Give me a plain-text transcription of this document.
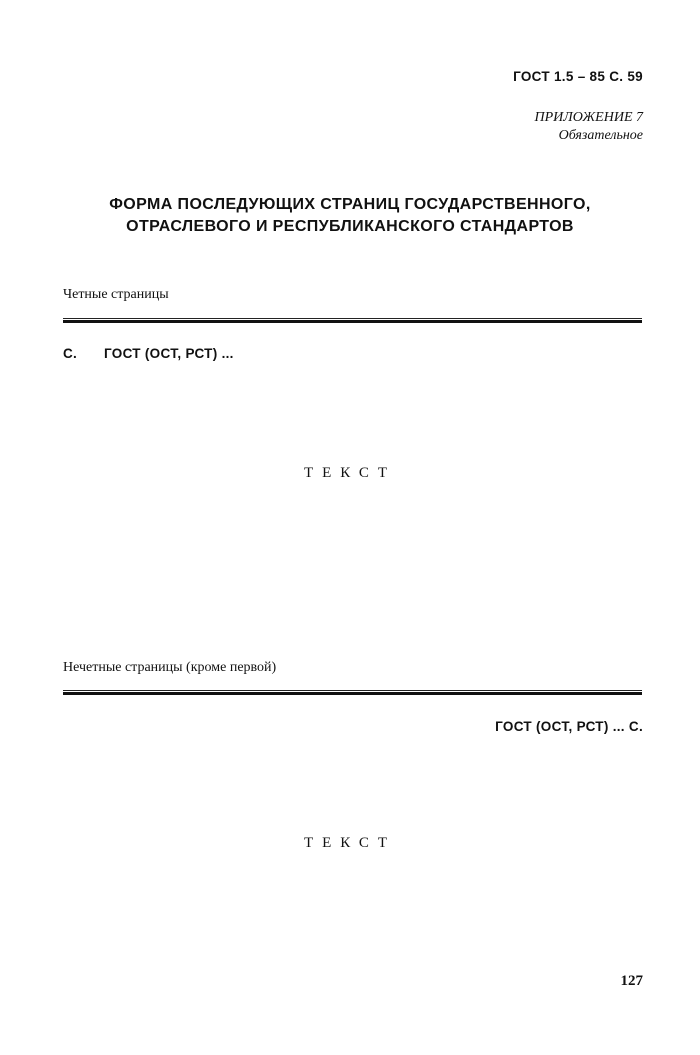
ГОСТ 1.5 – 85 С. 59
ПРИЛОЖЕНИЕ 7
Обязательное
ФОРМА ПОСЛЕДУЮЩИХ СТРАНИЦ ГОСУДАРСТВЕННОГО,
ОТРАСЛЕВОГО И РЕСПУБЛИКАНСКОГО СТАНДАРТОВ
Четные страницы
С. ГОСТ (ОСТ, РСТ) ...
ТЕКСТ
Нечетные страницы (кроме первой)
ГОСТ (ОСТ, РСТ) ... С.
ТЕКСТ
127
